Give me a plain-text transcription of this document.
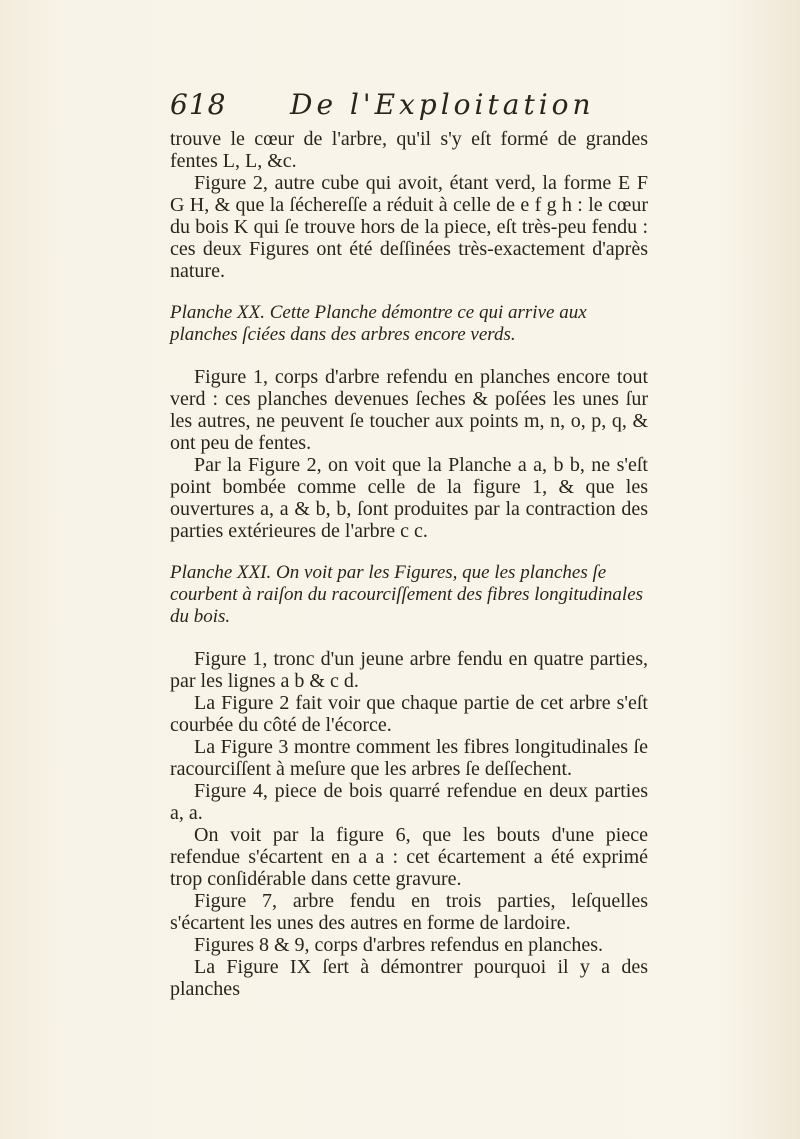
618 De l'Exploitation

trouve le cœur de l'arbre, qu'il s'y eſt formé de grandes fentes L, L, &c.

Figure 2, autre cube qui avoit, étant verd, la forme E F G H, & que la ſéchereſſe a réduit à celle de e f g h : le cœur du bois K qui ſe trouve hors de la piece, eſt très-peu fendu : ces deux Figures ont été deſſinées très-exactement d'après nature.

Planche XX. Cette Planche démontre ce qui arrive aux planches ſciées dans des arbres encore verds.

Figure 1, corps d'arbre refendu en planches encore tout verd : ces planches devenues ſeches & poſées les unes ſur les autres, ne peuvent ſe toucher aux points m, n, o, p, q, & ont peu de fentes.

Par la Figure 2, on voit que la Planche a a, b b, ne s'eſt point bombée comme celle de la figure 1, & que les ouvertures a, a & b, b, ſont produites par la contraction des parties extérieures de l'arbre c c.

Planche XXI. On voit par les Figures, que les planches ſe courbent à raiſon du racourciſſement des fibres longitudinales du bois.

Figure 1, tronc d'un jeune arbre fendu en quatre parties, par les lignes a b & c d.

La Figure 2 fait voir que chaque partie de cet arbre s'eſt courbée du côté de l'écorce.

La Figure 3 montre comment les fibres longitudinales ſe racourciſſent à meſure que les arbres ſe deſſechent.

Figure 4, piece de bois quarré refendue en deux parties a, a.

On voit par la figure 6, que les bouts d'une piece refendue s'écartent en a a : cet écartement a été exprimé trop conſidérable dans cette gravure.

Figure 7, arbre fendu en trois parties, leſquelles s'écartent les unes des autres en forme de lardoire.

Figures 8 & 9, corps d'arbres refendus en planches.

La Figure IX ſert à démontrer pourquoi il y a des planches
